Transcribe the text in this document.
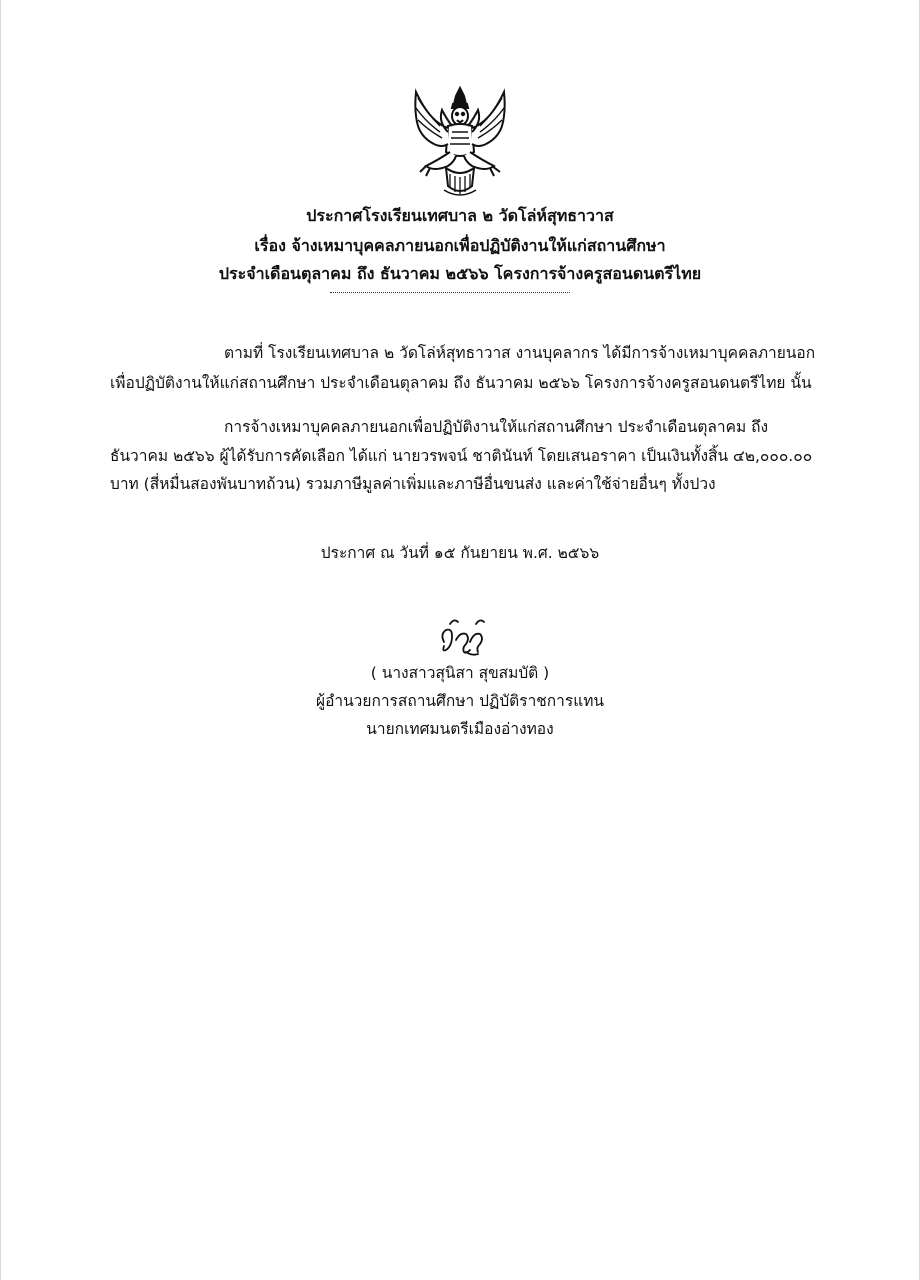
ประกาศโรงเรียนเทศบาล ๒ วัดโล่ห์สุทธาวาส
เรื่อง จ้างเหมาบุคคลภายนอกเพื่อปฏิบัติงานให้แก่สถานศึกษา
ประจำเดือนตุลาคม ถึง ธันวาคม ๒๕๖๖ โครงการจ้างครูสอนดนตรีไทย
ตามที่ โรงเรียนเทศบาล ๒ วัดโล่ห์สุทธาวาส งานบุคลากร ได้มีการจ้างเหมาบุคคลภายนอก
เพื่อปฏิบัติงานให้แก่สถานศึกษา ประจำเดือนตุลาคม ถึง ธันวาคม ๒๕๖๖ โครงการจ้างครูสอนดนตรีไทย นั้น
การจ้างเหมาบุคคลภายนอกเพื่อปฏิบัติงานให้แก่สถานศึกษา ประจำเดือนตุลาคม ถึง
ธันวาคม ๒๕๖๖ ผู้ได้รับการคัดเลือก ได้แก่ นายวรพจน์ ชาตินันท์ โดยเสนอราคา เป็นเงินทั้งสิ้น ๔๒,๐๐๐.๐๐
บาท (สี่หมื่นสองพันบาทถ้วน) รวมภาษีมูลค่าเพิ่มและภาษีอื่นขนส่ง และค่าใช้จ่ายอื่นๆ ทั้งปวง
ประกาศ ณ วันที่ ๑๕ กันยายน พ.ศ. ๒๕๖๖
( นางสาวสุนิสา สุขสมบัติ )
ผู้อำนวยการสถานศึกษา ปฏิบัติราชการแทน
นายกเทศมนตรีเมืองอ่างทอง
